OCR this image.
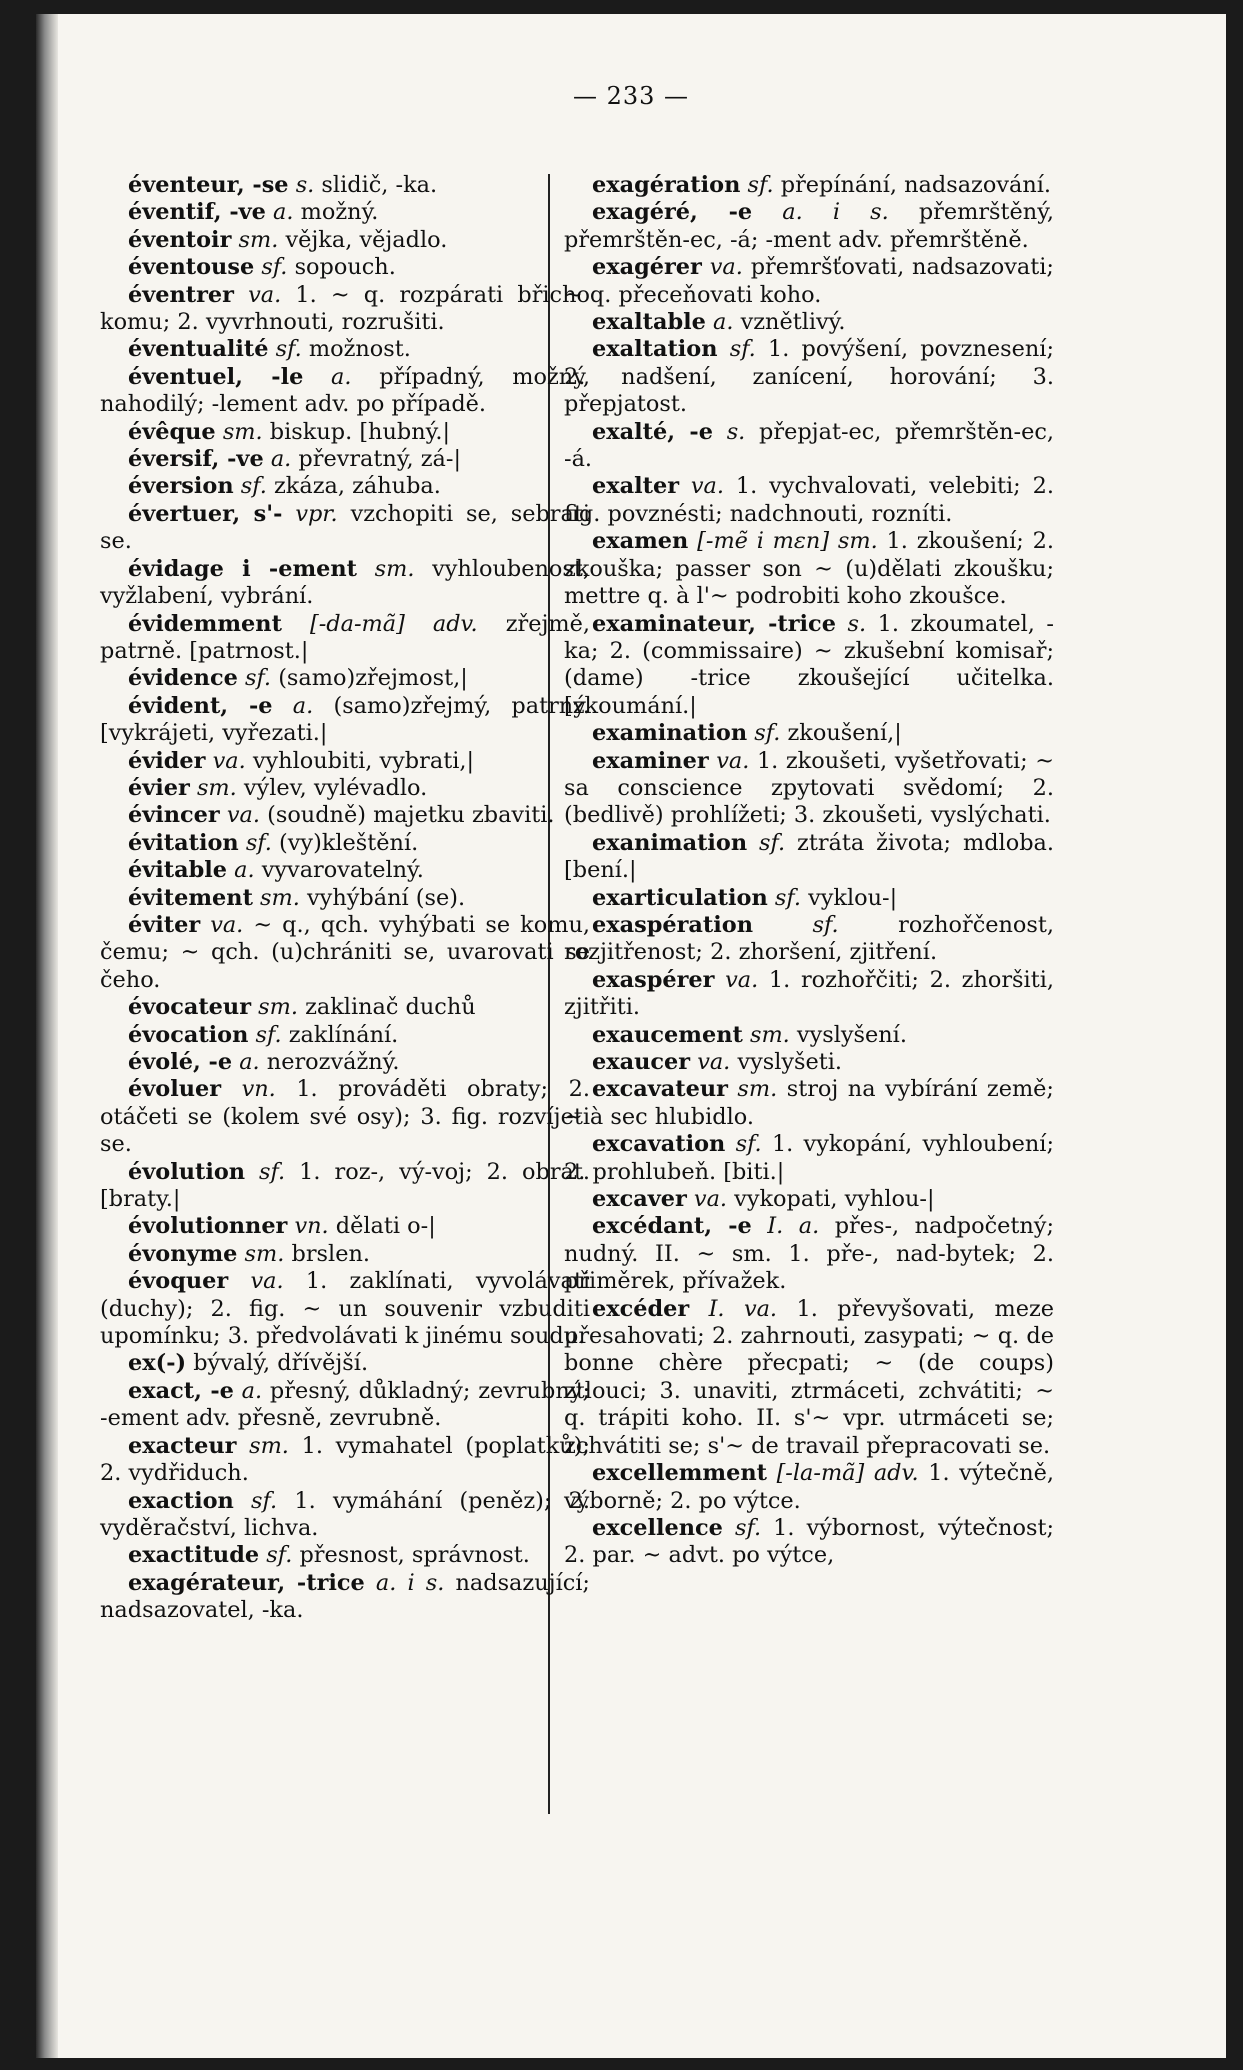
— 233 —

éventeur, -se s. slidič, -ka.

éventif, -ve a. možný.

éventoir sm. vějka, vějadlo.

éventouse sf. sopouch.

éventrer va. 1. ~ q. rozpárati břicho komu; 2. vyvrhnouti, rozrušiti.

éventualité sf. možnost.

éventuel, -le a. případný, možný, nahodilý; -lement adv. po případě.

évêque sm. biskup. [hubný.|

éversif, -ve a. převratný, zá-|

éversion sf. zkáza, záhuba.

évertuer, s'- vpr. vzchopiti se, sebrati se.

évidage i -ement sm. vyhloubenost, vyžlabení, vybrání.

évidemment [-da-mã] adv. zřejmě, patrně. [patrnost.|

évidence sf. (samo)zřejmost,|

évident, -e a. (samo)zřejmý, patrný. [vykrájeti, vyřezati.|

évider va. vyhloubiti, vybrati,|

évier sm. výlev, vylévadlo.

évincer va. (soudně) majetku zbaviti.

évitation sf. (vy)kleštění.

évitable a. vyvarovatelný.

évitement sm. vyhýbání (se).

éviter va. ~ q., qch. vyhýbati se komu, čemu; ~ qch. (u)chrániti se, uvarovati se čeho.

évocateur sm. zaklinač duchů

évocation sf. zaklínání.

évolé, -e a. nerozvážný.

évoluer vn. 1. prováděti obraty; 2. otáčeti se (kolem své osy); 3. fig. rozvíjeti se.

évolution sf. 1. roz-, vý-voj; 2. obrat. [braty.|

évolutionner vn. dělati o-|

évonyme sm. brslen.

évoquer va. 1. zaklínati, vyvolávati (duchy); 2. fig. ~ un souvenir vzbuditi upomínku; 3. předvolávati k jinému soudu.

ex(-) bývalý, dřívější.

exact, -e a. přesný, důkladný; zevrubný; -ement adv. přesně, zevrubně.

exacteur sm. 1. vymahatel (poplatků); 2. vydřiduch.

exaction sf. 1. vymáhání (peněz); 2. vyděračství, lichva.

exactitude sf. přesnost, správnost.

exagérateur, -trice a. i s. nadsazující; nadsazovatel, -ka.

exagération sf. přepínání, nadsazování.

exagéré, -e a. i s. přemrštěný, přemrštěn-ec, -á; -ment adv. přemrštěně.

exagérer va. přemršťovati, nadsazovati; ~ q. přeceňovati koho.

exaltable a. vznětlivý.

exaltation sf. 1. povýšení, povznesení; 2. nadšení, zanícení, horování; 3. přepjatost.

exalté, -e s. přepjat-ec, přemrštěn-ec, -á.

exalter va. 1. vychvalovati, velebiti; 2. fig. povznésti; nadchnouti, rozníti.

examen [-mẽ i mɛn] sm. 1. zkoušení; 2. zkouška; passer son ~ (u)dělati zkoušku; mettre q. à l'~ podrobiti koho zkoušce.

examinateur, -trice s. 1. zkoumatel, -ka; 2. (commissaire) ~ zkušební komisař; (dame) -trice zkoušející učitelka. [zkoumání.|

examination sf. zkoušení,|

examiner va. 1. zkoušeti, vyšetřovati; ~ sa conscience zpytovati svědomí; 2. (bedlivě) prohlížeti; 3. zkoušeti, vyslýchati.

exanimation sf. ztráta života; mdloba. [bení.|

exarticulation sf. vyklou-|

exaspération	sf.	rozhořčenost, rozjitřenost; 2. zhoršení, zjitření.

exaspérer va. 1. rozhořčiti; 2. zhoršiti, zjitřiti.

exaucement sm. vyslyšení.

exaucer va. vyslyšeti.

excavateur sm. stroj na vybírání země; ~ à sec hlubidlo.

excavation sf. 1. vykopání, vyhloubení; 2. prohlubeň. [biti.|

excaver va. vykopati, vyhlou-|

excédant, -e I. a. přes-, nadpočetný; nudný. II. ~ sm. 1. pře-, nad-bytek; 2. přiměrek, přívažek.

excéder I. va. 1. převyšovati, meze přesahovati; 2. zahrnouti, zasypati; ~ q. de bonne chère přecpati; ~ (de coups) ztlouci; 3. unaviti, ztrmáceti, zchvátiti; ~ q. trápiti koho. II. s'~ vpr. utrmáceti se; zchvátiti se; s'~ de travail přepracovati se.

excellemment [-la-mã] adv. 1. výtečně, výborně; 2. po výtce.

excellence sf. 1. výbornost, výtečnost; 2. par. ~ advt. po výtce,
